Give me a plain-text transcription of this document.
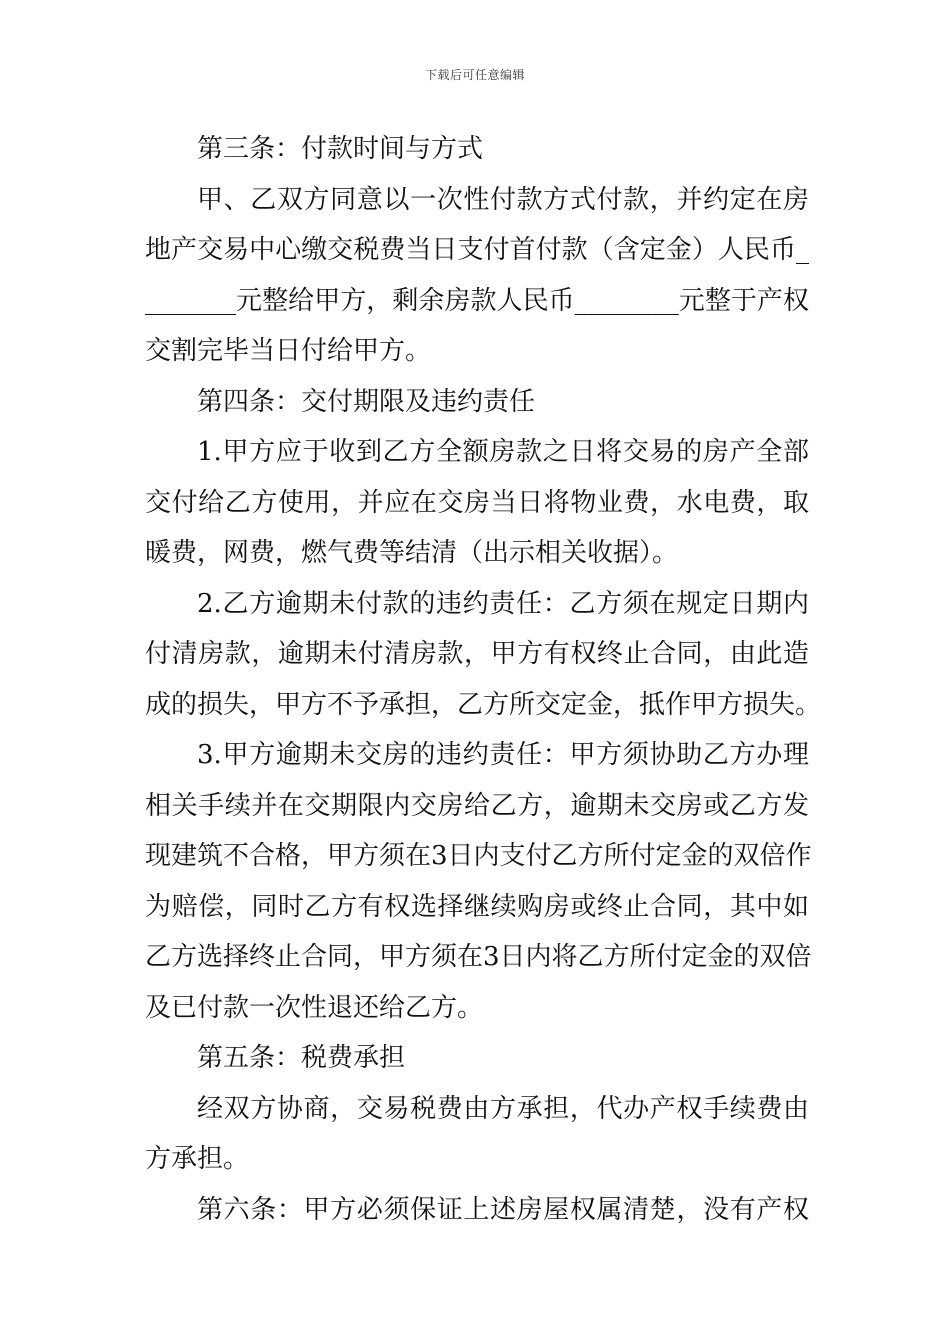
下载后可任意编辑
第三条：付款时间与方式
甲、乙双方同意以一次性付款方式付款，并约定在房
地产交易中心缴交税费当日支付首付款（含定金）人民币_
_______元整给甲方，剩余房款人民币________元整于产权
交割完毕当日付给甲方。
第四条：交付期限及违约责任
1.甲方应于收到乙方全额房款之日将交易的房产全部
交付给乙方使用，并应在交房当日将物业费，水电费，取
暖费，网费，燃气费等结清（出示相关收据）。
2.乙方逾期未付款的违约责任：乙方须在规定日期内
付清房款，逾期未付清房款，甲方有权终止合同，由此造
成的损失，甲方不予承担，乙方所交定金，抵作甲方损失。
3.甲方逾期未交房的违约责任：甲方须协助乙方办理
相关手续并在交期限内交房给乙方，逾期未交房或乙方发
现建筑不合格，甲方须在3日内支付乙方所付定金的双倍作
为赔偿，同时乙方有权选择继续购房或终止合同，其中如
乙方选择终止合同，甲方须在3日内将乙方所付定金的双倍
及已付款一次性退还给乙方。
第五条：税费承担
经双方协商，交易税费由方承担，代办产权手续费由
方承担。
第六条：甲方必须保证上述房屋权属清楚，没有产权
